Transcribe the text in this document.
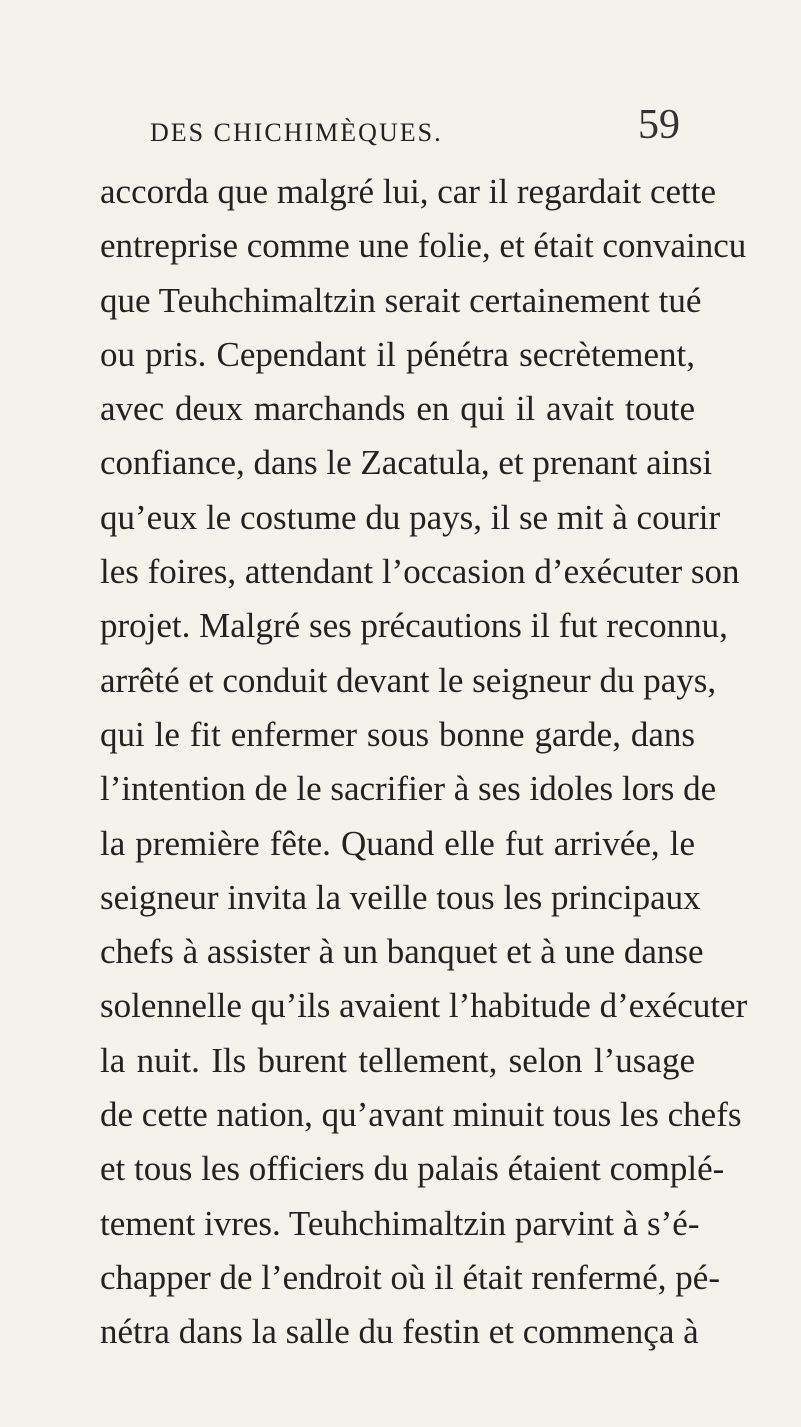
DES CHICHIMÈQUES.	59
accorda que malgré lui, car il regardait cette
entreprise comme une folie, et était convaincu
que Teuhchimaltzin serait certainement tué
ou pris. Cependant il pénétra secrètement,
avec deux marchands en qui il avait toute
confiance, dans le Zacatula, et prenant ainsi
qu’eux le costume du pays, il se mit à courir
les foires, attendant l’occasion d’exécuter son
projet. Malgré ses précautions il fut reconnu,
arrêté et conduit devant le seigneur du pays,
qui le fit enfermer sous bonne garde, dans
l’intention de le sacrifier à ses idoles lors de
la première fête. Quand elle fut arrivée, le
seigneur invita la veille tous les principaux
chefs à assister à un banquet et à une danse
solennelle qu’ils avaient l’habitude d’exécuter
la nuit. Ils burent tellement, selon l’usage
de cette nation, qu’avant minuit tous les chefs
et tous les officiers du palais étaient complé-
tement ivres. Teuhchimaltzin parvint à s’é-
chapper de l’endroit où il était renfermé, pé-
nétra dans la salle du festin et commença à
